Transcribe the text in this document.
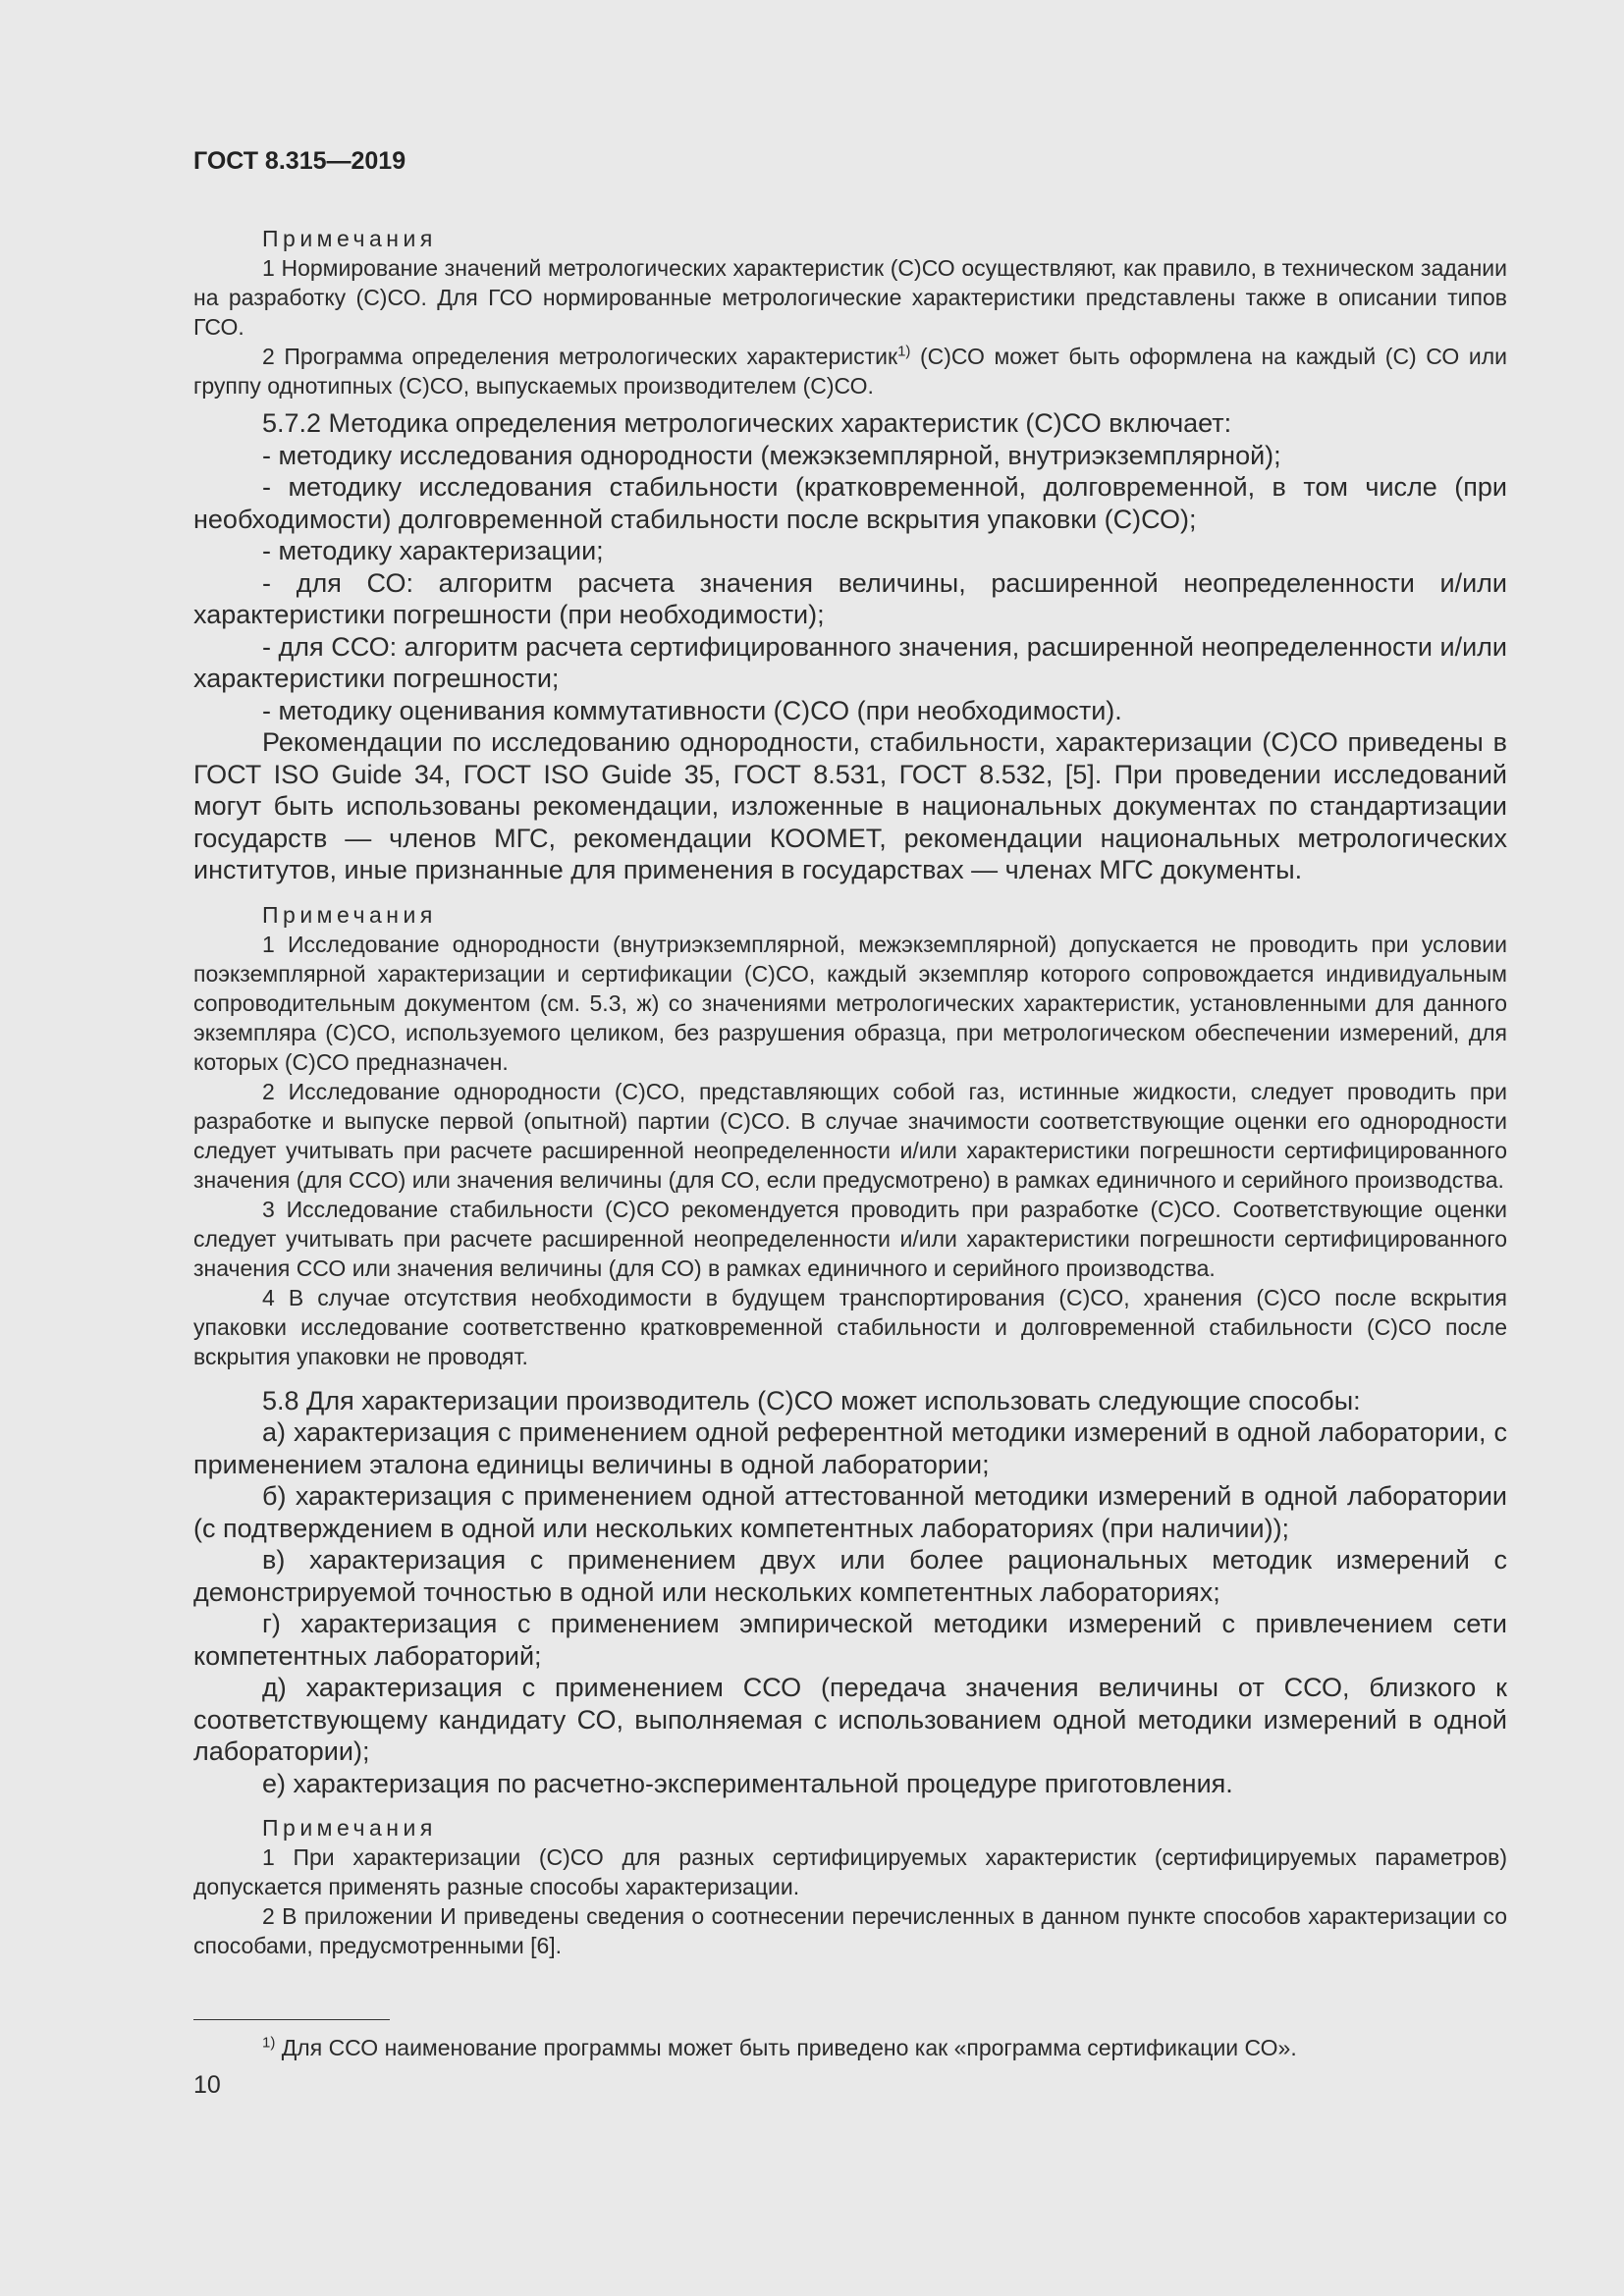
ГОСТ 8.315—2019

Примечания

1 Нормирование значений метрологических характеристик (С)СО осуществляют, как правило, в техническом задании на разработку (С)СО. Для ГСО нормированные метрологические характеристики представлены также в описании типов ГСО.

2 Программа определения метрологических характеристик$^{1)}$ (С)СО может быть оформлена на каждый (С) СО или группу однотипных (С)СО, выпускаемых производителем (С)СО.

5.7.2 Методика определения метрологических характеристик (С)СО включает:

- методику исследования однородности (межэкземплярной, внутриэкземплярной);

- методику исследования стабильности (кратковременной, долговременной, в том числе (при необходимости) долговременной стабильности после вскрытия упаковки (С)СО);

- методику характеризации;

- для СО: алгоритм расчета значения величины, расширенной неопределенности и/или характеристики погрешности (при необходимости);

- для ССО: алгоритм расчета сертифицированного значения, расширенной неопределенности и/или характеристики погрешности;

- методику оценивания коммутативности (С)СО (при необходимости).

Рекомендации по исследованию однородности, стабильности, характеризации (С)СО приведены в ГОСТ ISO Guide 34, ГОСТ ISO Guide 35, ГОСТ 8.531, ГОСТ 8.532, [5]. При проведении исследований могут быть использованы рекомендации, изложенные в национальных документах по стандартизации государств — членов МГС, рекомендации КООМЕТ, рекомендации национальных метрологических институтов, иные признанные для применения в государствах — членах МГС документы.

Примечания

1 Исследование однородности (внутриэкземплярной, межэкземплярной) допускается не проводить при условии поэкземплярной характеризации и сертификации (С)СО, каждый экземпляр которого сопровождается индивидуальным сопроводительным документом (см. 5.3, ж) со значениями метрологических характеристик, установленными для данного экземпляра (С)СО, используемого целиком, без разрушения образца, при метрологическом обеспечении измерений, для которых (С)СО предназначен.

2 Исследование однородности (С)СО, представляющих собой газ, истинные жидкости, следует проводить при разработке и выпуске первой (опытной) партии (С)СО. В случае значимости соответствующие оценки его однородности следует учитывать при расчете расширенной неопределенности и/или характеристики погрешности сертифицированного значения (для ССО) или значения величины (для СО, если предусмотрено) в рамках единичного и серийного производства.

3 Исследование стабильности (С)СО рекомендуется проводить при разработке (С)СО. Соответствующие оценки следует учитывать при расчете расширенной неопределенности и/или характеристики погрешности сертифицированного значения ССО или значения величины (для СО) в рамках единичного и серийного производства.

4 В случае отсутствия необходимости в будущем транспортирования (С)СО, хранения (С)СО после вскрытия упаковки исследование соответственно кратковременной стабильности и долговременной стабильности (С)СО после вскрытия упаковки не проводят.

5.8 Для характеризации производитель (С)СО может использовать следующие способы:

а) характеризация с применением одной референтной методики измерений в одной лаборатории, с применением эталона единицы величины в одной лаборатории;

б) характеризация с применением одной аттестованной методики измерений в одной лаборатории (с подтверждением в одной или нескольких компетентных лабораториях (при наличии));

в) характеризация с применением двух или более рациональных методик измерений с демонстрируемой точностью в одной или нескольких компетентных лабораториях;

г) характеризация с применением эмпирической методики измерений с привлечением сети компетентных лабораторий;

д) характеризация с применением ССО (передача значения величины от ССО, близкого к соответствующему кандидату СО, выполняемая с использованием одной методики измерений в одной лаборатории);

е) характеризация по расчетно-экспериментальной процедуре приготовления.

Примечания

1 При характеризации (С)СО для разных сертифицируемых характеристик (сертифицируемых параметров) допускается применять разные способы характеризации.

2 В приложении И приведены сведения о соотнесении перечисленных в данном пункте способов характеризации со способами, предусмотренными [6].

$^{1)}$ Для ССО наименование программы может быть приведено как «программа сертификации СО».
10
